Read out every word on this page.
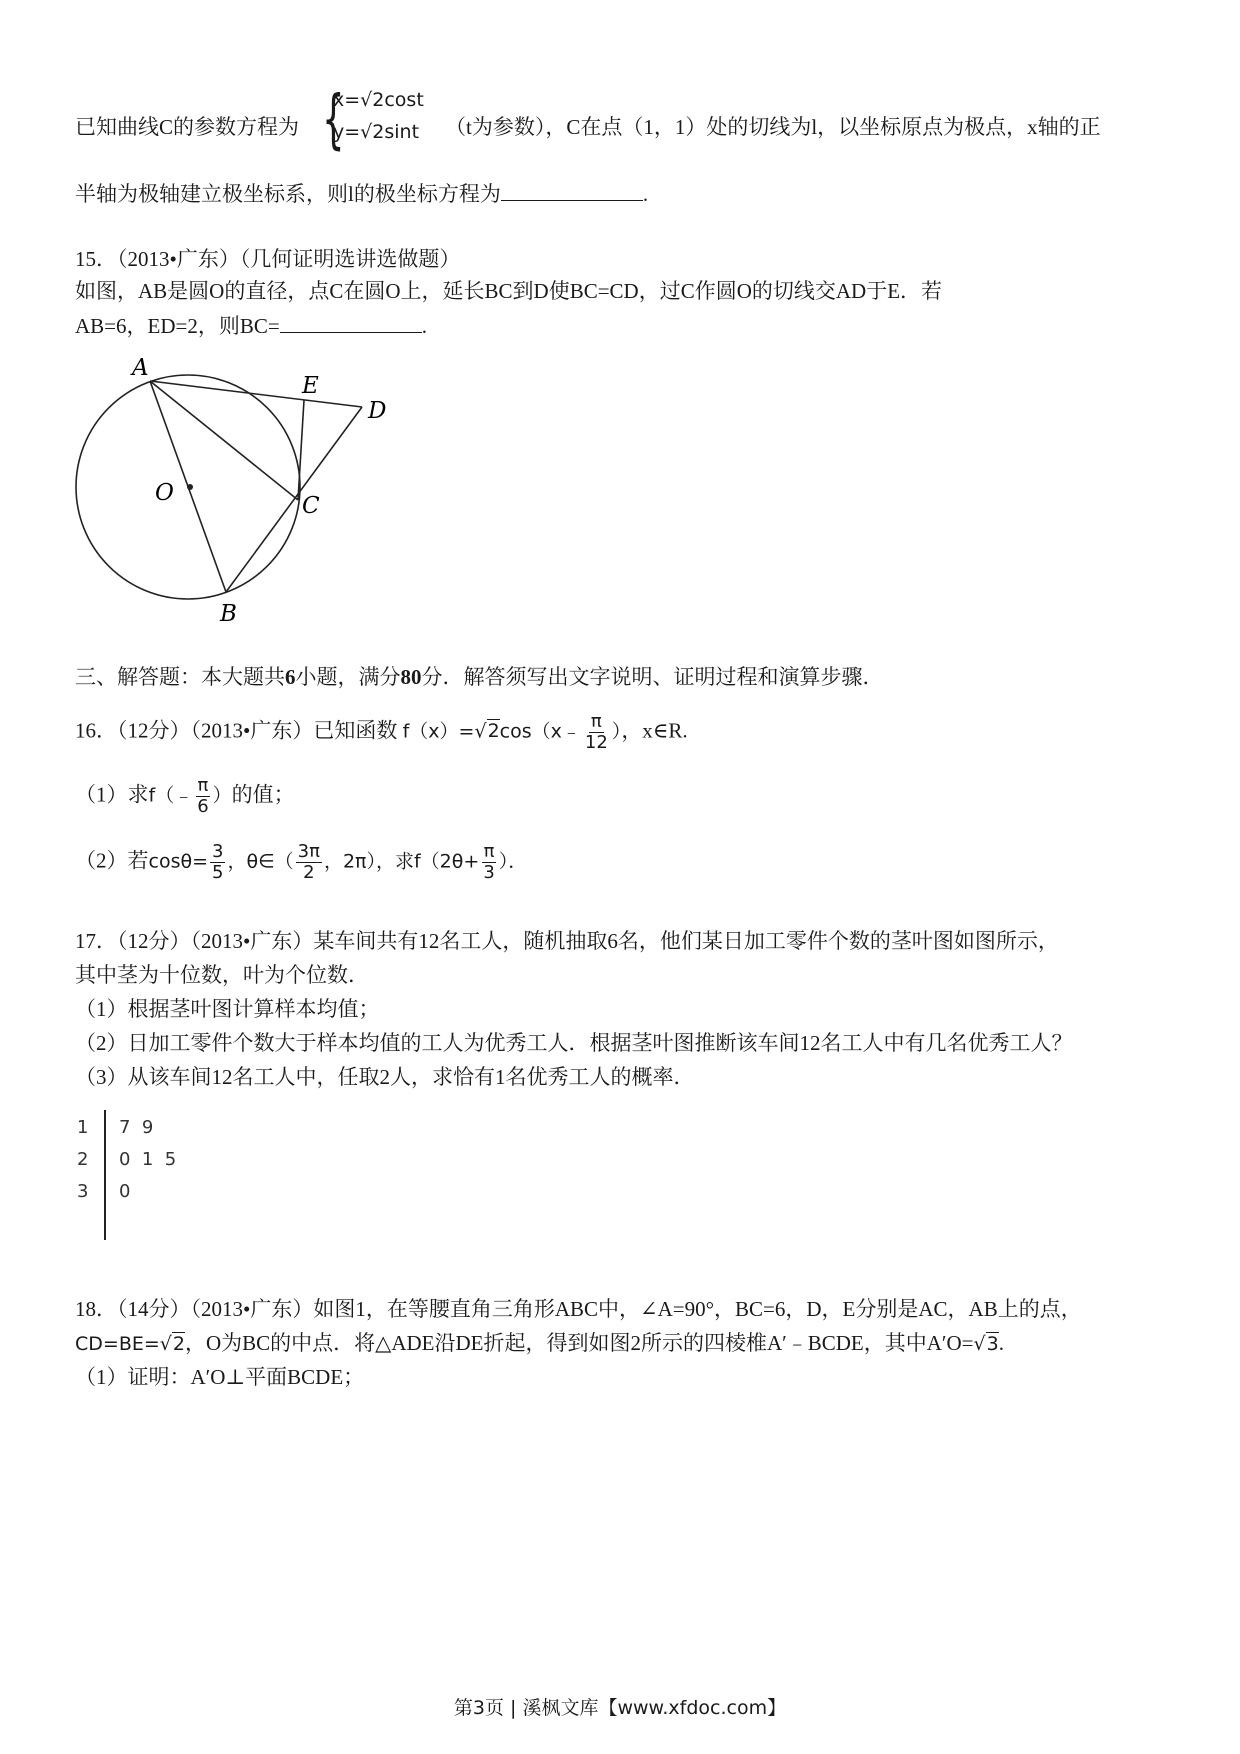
已知曲线C的参数方程为 {
x=√2cost
y=√2sint （t为参数），C在点（1，1）处的切线为l，以坐标原点为极点，x轴的正
半轴为极轴建立极坐标系，则l的极坐标方程为	.
15．（2013•广东）（几何证明选讲选做题）
如图，AB是圆O的直径，点C在圆O上，延长BC到D使BC=CD，过C作圆O的切线交AD于E．若
AB=6，ED=2，则BC=	.
A
E
D
O	C
B
三、解答题：本大题共6小题，满分80分．解答须写出文字说明、证明过程和演算步骤．
16．（12分）（2013•广东）已知函数 f（x）=√2cos（x﹣ $\frac{\pi}{12}$ ），x∈R.
（1）求f（﹣ $\frac{\pi}{6}$ ）的值；
（2）若$\cos\theta= \frac{3}{5}$ ，θ∈（ $\frac{3\pi}{2}$ ，2π），求$f(2\theta+ \frac{\pi}{3}$ ）．
17．（12分）（2013•广东）某车间共有12名工人，随机抽取6名，他们某日加工零件个数的茎叶图如图所示，
其中茎为十位数，叶为个位数．
（1）根据茎叶图计算样本均值；
（2）日加工零件个数大于样本均值的工人为优秀工人．根据茎叶图推断该车间12名工人中有几名优秀工人？
（3）从该车间12名工人中，任取2人，求恰有1名优秀工人的概率．
1 7  9
2 0  1  5
3 0
18．（14分）（2013•广东）如图1，在等腰直角三角形ABC中，∠A=90°，BC=6，D，E分别是AC，AB上的点，
CD=BE=√2，O为BC的中点．将△ADE沿DE折起，得到如图2所示的四棱椎A′﹣BCDE，其中A′O=√3.
（1）证明：A′O⊥平面BCDE；
第3页 | 溪枫文库【www.xfdoc.com】
